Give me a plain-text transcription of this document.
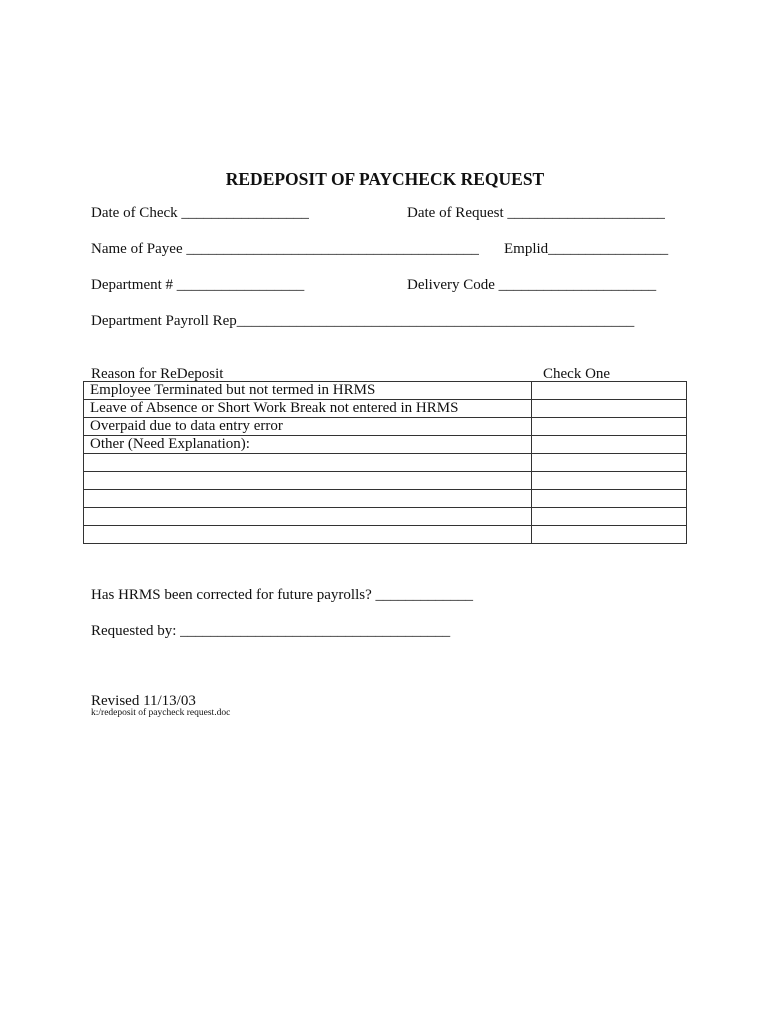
REDEPOSIT OF PAYCHECK REQUEST
Date of Check _________________	Date of Request _____________________
Name of Payee _______________________________________ Emplid________________
Department # _________________	Delivery Code _____________________
Department Payroll Rep_____________________________________________________
Reason for ReDeposit	Check One
Employee Terminated but not termed in HRMS	
Leave of Absence or Short Work Break not entered in HRMS	
Overpaid due to data entry error	
Other (Need Explanation):	

Has HRMS been corrected for future payrolls? _____________
Requested by: ____________________________________
Revised 11/13/03
k:/redeposit of paycheck request.doc
